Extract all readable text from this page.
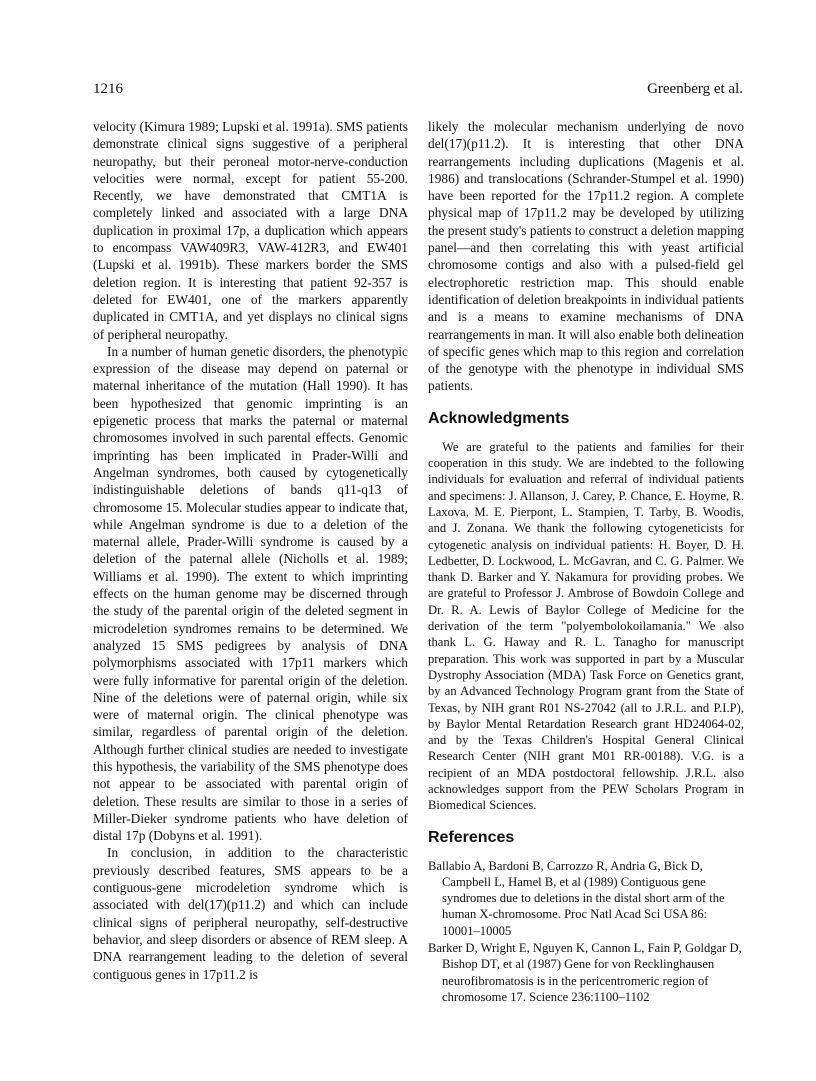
1216	Greenberg et al.

velocity (Kimura 1989; Lupski et al. 1991a). SMS patients demonstrate clinical signs suggestive of a peripheral neuropathy, but their peroneal motor-nerve-conduction velocities were normal, except for patient 55-200. Recently, we have demonstrated that CMT1A is completely linked and associated with a large DNA duplication in proximal 17p, a duplication which appears to encompass VAW409R3, VAW-412R3, and EW401 (Lupski et al. 1991b). These markers border the SMS deletion region. It is interesting that patient 92-357 is deleted for EW401, one of the markers apparently duplicated in CMT1A, and yet displays no clinical signs of peripheral neuropathy.

In a number of human genetic disorders, the phenotypic expression of the disease may depend on paternal or maternal inheritance of the mutation (Hall 1990). It has been hypothesized that genomic imprinting is an epigenetic process that marks the paternal or maternal chromosomes involved in such parental effects. Genomic imprinting has been implicated in Prader-Willi and Angelman syndromes, both caused by cytogenetically indistinguishable deletions of bands q11-q13 of chromosome 15. Molecular studies appear to indicate that, while Angelman syndrome is due to a deletion of the maternal allele, Prader-Willi syndrome is caused by a deletion of the paternal allele (Nicholls et al. 1989; Williams et al. 1990). The extent to which imprinting effects on the human genome may be discerned through the study of the parental origin of the deleted segment in microdeletion syndromes remains to be determined. We analyzed 15 SMS pedigrees by analysis of DNA polymorphisms associated with 17p11 markers which were fully informative for parental origin of the deletion. Nine of the deletions were of paternal origin, while six were of maternal origin. The clinical phenotype was similar, regardless of parental origin of the deletion. Although further clinical studies are needed to investigate this hypothesis, the variability of the SMS phenotype does not appear to be associated with parental origin of deletion. These results are similar to those in a series of Miller-Dieker syndrome patients who have deletion of distal 17p (Dobyns et al. 1991).

In conclusion, in addition to the characteristic previously described features, SMS appears to be a contiguous-gene microdeletion syndrome which is associated with del(17)(p11.2) and which can include clinical signs of peripheral neuropathy, self-destructive behavior, and sleep disorders or absence of REM sleep. A DNA rearrangement leading to the deletion of several contiguous genes in 17p11.2 is

likely the molecular mechanism underlying de novo del(17)(p11.2). It is interesting that other DNA rearrangements including duplications (Magenis et al. 1986) and translocations (Schrander-Stumpel et al. 1990) have been reported for the 17p11.2 region. A complete physical map of 17p11.2 may be developed by utilizing the present study's patients to construct a deletion mapping panel—and then correlating this with yeast artificial chromosome contigs and also with a pulsed-field gel electrophoretic restriction map. This should enable identification of deletion breakpoints in individual patients and is a means to examine mechanisms of DNA rearrangements in man. It will also enable both delineation of specific genes which map to this region and correlation of the genotype with the phenotype in individual SMS patients.

Acknowledgments

We are grateful to the patients and families for their cooperation in this study. We are indebted to the following individuals for evaluation and referral of individual patients and specimens: J. Allanson, J. Carey, P. Chance, E. Hoyme, R. Laxova, M. E. Pierpont, L. Stampien, T. Tarby, B. Woodis, and J. Zonana. We thank the following cytogeneticists for cytogenetic analysis on individual patients: H. Boyer, D. H. Ledbetter, D. Lockwood, L. McGavran, and C. G. Palmer. We thank D. Barker and Y. Nakamura for providing probes. We are grateful to Professor J. Ambrose of Bowdoin College and Dr. R. A. Lewis of Baylor College of Medicine for the derivation of the term "polyembolokoilamania." We also thank L. G. Haway and R. L. Tanagho for manuscript preparation. This work was supported in part by a Muscular Dystrophy Association (MDA) Task Force on Genetics grant, by an Advanced Technology Program grant from the State of Texas, by NIH grant R01 NS-27042 (all to J.R.L. and P.I.P), by Baylor Mental Retardation Research grant HD24064-02, and by the Texas Children's Hospital General Clinical Research Center (NIH grant M01 RR-00188). V.G. is a recipient of an MDA postdoctoral fellowship. J.R.L. also acknowledges support from the PEW Scholars Program in Biomedical Sciences.

References

Ballabio A, Bardoni B, Carrozzo R, Andria G, Bick D, Campbell L, Hamel B, et al (1989) Contiguous gene syndromes due to deletions in the distal short arm of the human X-chromosome. Proc Natl Acad Sci USA 86: 10001–10005

Barker D, Wright E, Nguyen K, Cannon L, Fain P, Goldgar D, Bishop DT, et al (1987) Gene for von Recklinghausen neurofibromatosis is in the pericentromeric region of chromosome 17. Science 236:1100–1102
